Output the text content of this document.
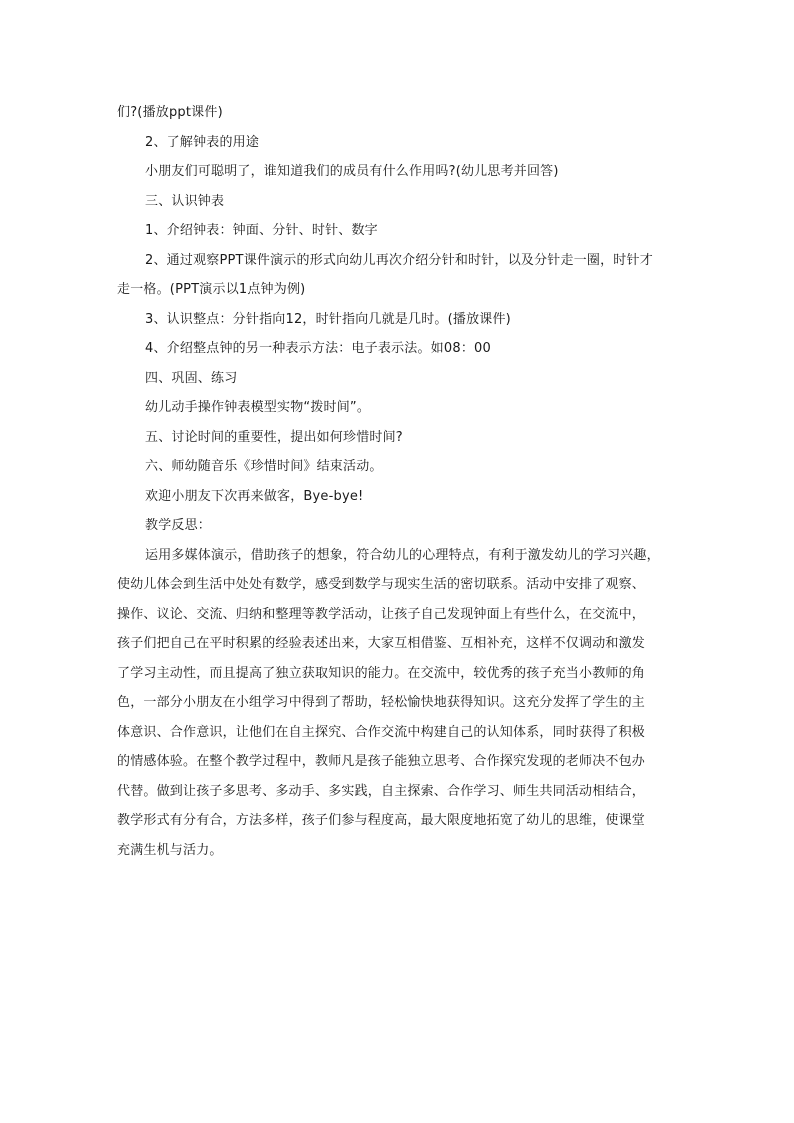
们?(播放ppt课件)
2、了解钟表的用途
小朋友们可聪明了，谁知道我们的成员有什么作用吗?(幼儿思考并回答)
三、认识钟表
1、介绍钟表：钟面、分针、时针、数字
2、通过观察PPT课件演示的形式向幼儿再次介绍分针和时针，以及分针走一圈，时针才
走一格。(PPT演示以1点钟为例)
3、认识整点：分针指向12，时针指向几就是几时。(播放课件)
4、介绍整点钟的另一种表示方法：电子表示法。如08：00
四、巩固、练习
幼儿动手操作钟表模型实物“拨时间”。
五、讨论时间的重要性，提出如何珍惜时间?
六、师幼随音乐《珍惜时间》结束活动。
欢迎小朋友下次再来做客，Bye-bye!
教学反思：
运用多媒体演示，借助孩子的想象，符合幼儿的心理特点，有利于激发幼儿的学习兴趣，
使幼儿体会到生活中处处有数学，感受到数学与现实生活的密切联系。活动中安排了观察、
操作、议论、交流、归纳和整理等教学活动，让孩子自己发现钟面上有些什么，在交流中，
孩子们把自己在平时积累的经验表述出来，大家互相借鉴、互相补充，这样不仅调动和激发
了学习主动性，而且提高了独立获取知识的能力。在交流中，较优秀的孩子充当小教师的角
色，一部分小朋友在小组学习中得到了帮助，轻松愉快地获得知识。这充分发挥了学生的主
体意识、合作意识，让他们在自主探究、合作交流中构建自己的认知体系，同时获得了积极
的情感体验。在整个教学过程中，教师凡是孩子能独立思考、合作探究发现的老师决不包办
代替。做到让孩子多思考、多动手、多实践，自主探索、合作学习、师生共同活动相结合，
教学形式有分有合，方法多样，孩子们参与程度高，最大限度地拓宽了幼儿的思维，使课堂
充满生机与活力。
